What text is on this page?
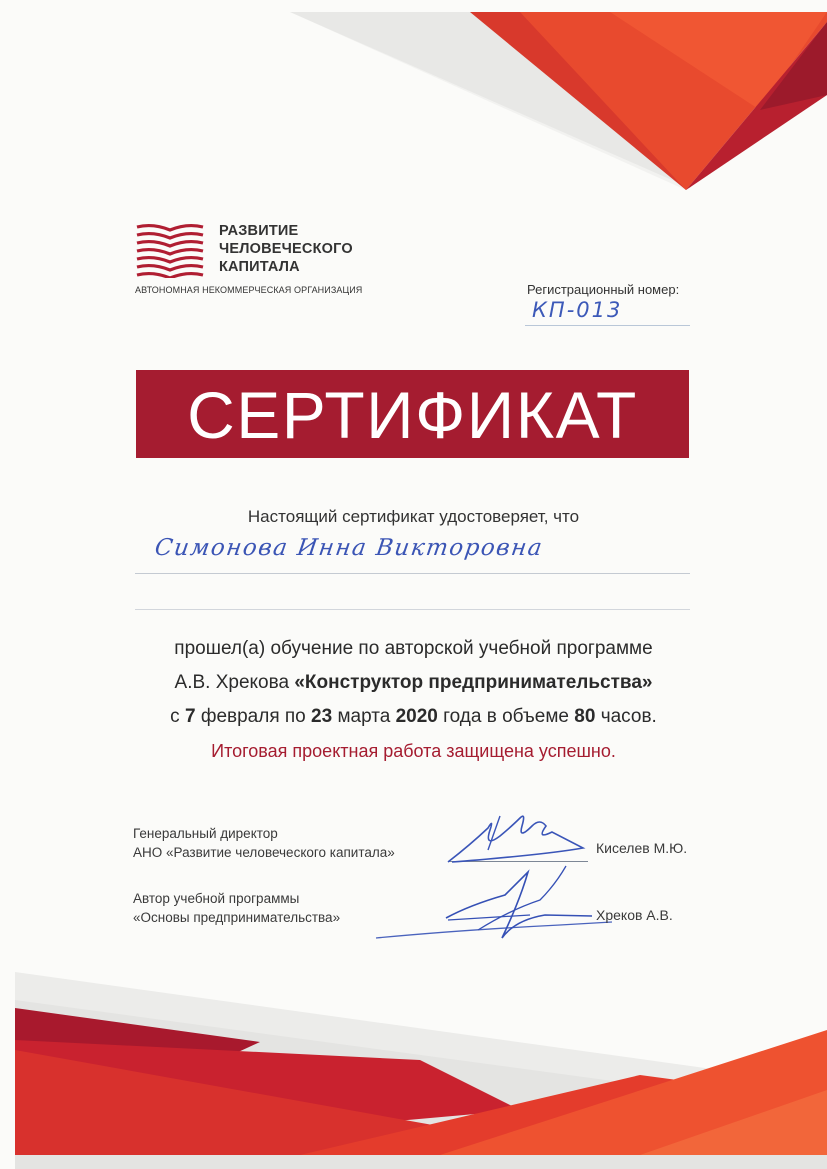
РАЗВИТИЕ
ЧЕЛОВЕЧЕСКОГО
КАПИТАЛА
АВТОНОМНАЯ НЕКОММЕРЧЕСКАЯ ОРГАНИЗАЦИЯ	Регистрационный номер:
КП-013
СЕРТИФИКАТ
Настоящий сертификат удостоверяет, что
Симонова Инна Викторовна
прошел(а) обучение по авторской учебной программе
А.В. Хрекова «Конструктор предпринимательства»
с 7 февраля по 23 марта 2020 года в объеме 80 часов.
Итоговая проектная работа защищена успешно.
Генеральный директор
АНО «Развитие человеческого капитала»	Киселев М.Ю.
Автор учебной программы
«Основы предпринимательства»	Хреков А.В.
